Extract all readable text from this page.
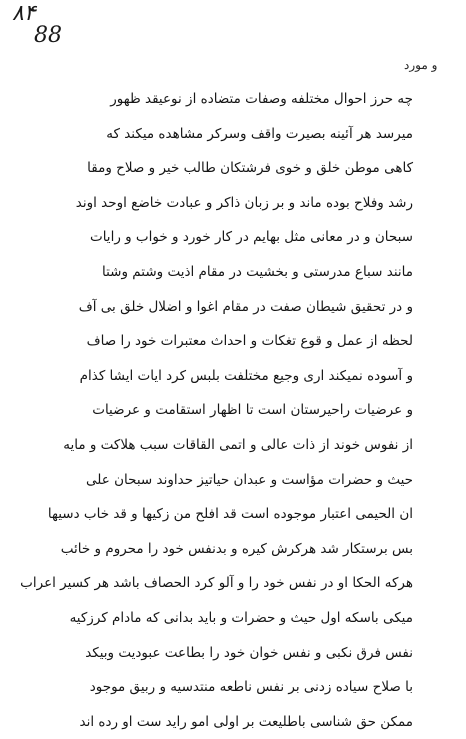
۸۴
88
و مورد
چه حرز احوال مختلفه وصفات متضاده از نوعیقد ظهور
میرسد هر آئینه بصیرت واقف وسرکر مشاهده میکند که
کاهی موطن خلق و خوی فرشتکان طالب خیر و صلاح ومقا
رشد وفلاح بوده ماند و بر زبان ذاکر و عبادت خاضع اوحد اوند
سبحان و در معانی مثل بهایم در کار خورد و خواب و رایات
مانند سباع مدرستی و بخشیت در مقام اذیت وشتم وشتا
و در تحقیق شیطان صفت در مقام اغوا و اضلال خلق بی آف
لحظه از عمل و قوع تغکات و احداث معتبرات خود را صاف
و آسوده نمیکند اری وجیع مختلفت بلبس کرد ایات ایشا کذام
و عرضیات راحیرستان است تا اظهار استقامت و عرضیات
از نفوس خوند از ذات عالی و اتمی القاقات سبب هلاکت و مایه
حیث و حضرات مؤاست و عبدان حیاتیز حداوند سبحان علی
ان الحیمی اعتبار موجوده است قد افلح من زکیها و قد خاب دسیها
بس برستکار شد هرکرش کیره و بدنفس خود را محروم و خائب
هرکه الحکا او در نفس خود را و آلو کرد الحصاف باشد هر کسیر اعراب
میکی باسکه اول حیث و حضرات و باید بدانی که مادام کرزکیه
نفس فرق نکبی و نفس خوان خود را بطاعت عبودیت وبیکد
با صلاح سیاده زدنی بر نفس ناطعه منتدسیه و ربیق موجود
ممکن حق شناسی باطلیعت بر اولی امو راید ست او رده اند
